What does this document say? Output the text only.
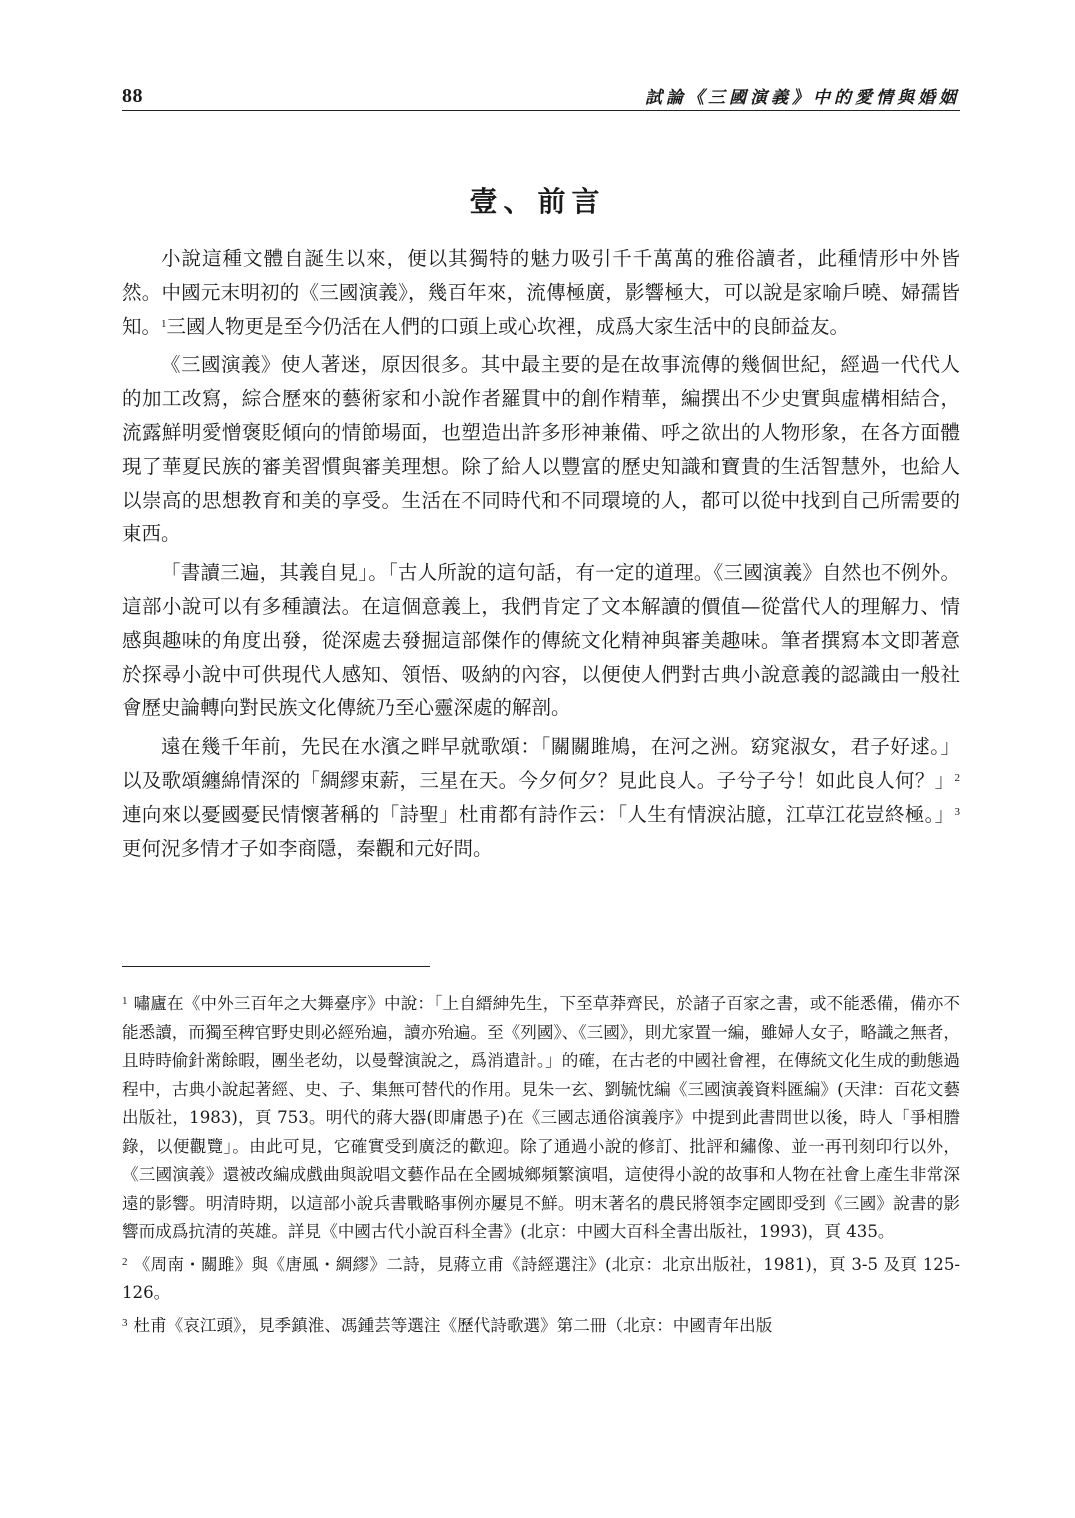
88	試論《三國演義》中的愛情與婚姻
壹、前言

小說這種文體自誕生以來，便以其獨特的魅力吸引千千萬萬的雅俗讀者，此種情形中外皆然。中國元末明初的《三國演義》，幾百年來，流傳極廣，影響極大，可以說是家喻戶曉、婦孺皆知。$^1$三國人物更是至今仍活在人們的口頭上或心坎裡，成爲大家生活中的良師益友。

《三國演義》使人著迷，原因很多。其中最主要的是在故事流傳的幾個世紀，經過一代代人的加工改寫，綜合歷來的藝術家和小說作者羅貫中的創作精華，編撰出不少史實與虛構相結合，流露鮮明愛憎褒貶傾向的情節場面，也塑造出許多形神兼備、呼之欲出的人物形象，在各方面體現了華夏民族的審美習慣與審美理想。除了給人以豐富的歷史知識和寶貴的生活智慧外，也給人以崇高的思想教育和美的享受。生活在不同時代和不同環境的人，都可以從中找到自己所需要的東西。

「書讀三遍，其義自見」。「古人所說的這句話，有一定的道理。《三國演義》自然也不例外。這部小說可以有多種讀法。在這個意義上，我們肯定了文本解讀的價值—從當代人的理解力、情感與趣味的角度出發，從深處去發掘這部傑作的傳統文化精神與審美趣味。筆者撰寫本文即著意於探尋小說中可供現代人感知、領悟、吸納的內容，以便使人們對古典小說意義的認識由一般社會歷史論轉向對民族文化傳統乃至心靈深處的解剖。

遠在幾千年前，先民在水濱之畔早就歌頌：「關關雎鳩，在河之洲。窈窕淑女，君子好逑。」以及歌頌纏綿情深的「綢繆束薪，三星在天。今夕何夕？見此良人。子兮子兮！如此良人何？」$^2$連向來以憂國憂民情懷著稱的「詩聖」杜甫都有詩作云：「人生有情淚沾臆，江草江花豈終極。」$^3$更何況多情才子如李商隱，秦觀和元好問。

$^1$ 嘯廬在《中外三百年之大舞臺序》中說：「上自縉紳先生，下至草莽齊民，於諸子百家之書，或不能悉備，備亦不能悉讀，而獨至稗官野史則必經殆遍，讀亦殆遍。至《列國》、《三國》，則尤家置一編，雖婦人女子，略識之無者，且時時偷針黹餘暇，團坐老幼，以曼聲演說之，爲消遣計。」的確，在古老的中國社會裡，在傳統文化生成的動態過程中，古典小說起著經、史、子、集無可替代的作用。見朱一玄、劉毓忱編《三國演義資料匯編》(天津：百花文藝出版社，1983)，頁 753。明代的蔣大器(即庸愚子)在《三國志通俗演義序》中提到此書問世以後，時人「爭相謄錄，以便觀覽」。由此可見，它確實受到廣泛的歡迎。除了通過小說的修訂、批評和繡像、並一再刊刻印行以外，《三國演義》還被改編成戲曲與說唱文藝作品在全國城鄉頻繁演唱，這使得小說的故事和人物在社會上產生非常深遠的影響。明清時期，以這部小說兵書戰略事例亦屢見不鮮。明末著名的農民將領李定國即受到《三國》說書的影響而成爲抗清的英雄。詳見《中國古代小說百科全書》(北京：中國大百科全書出版社，1993)，頁 435。

$^2$ 《周南・關雎》與《唐風・綢繆》二詩，見蔣立甫《詩經選注》(北京：北京出版社，1981)，頁 3-5 及頁 125-126。

$^3$ 杜甫《哀江頭》，見季鎮淮、馮鍾芸等選注《歷代詩歌選》第二冊（北京：中國青年出版
